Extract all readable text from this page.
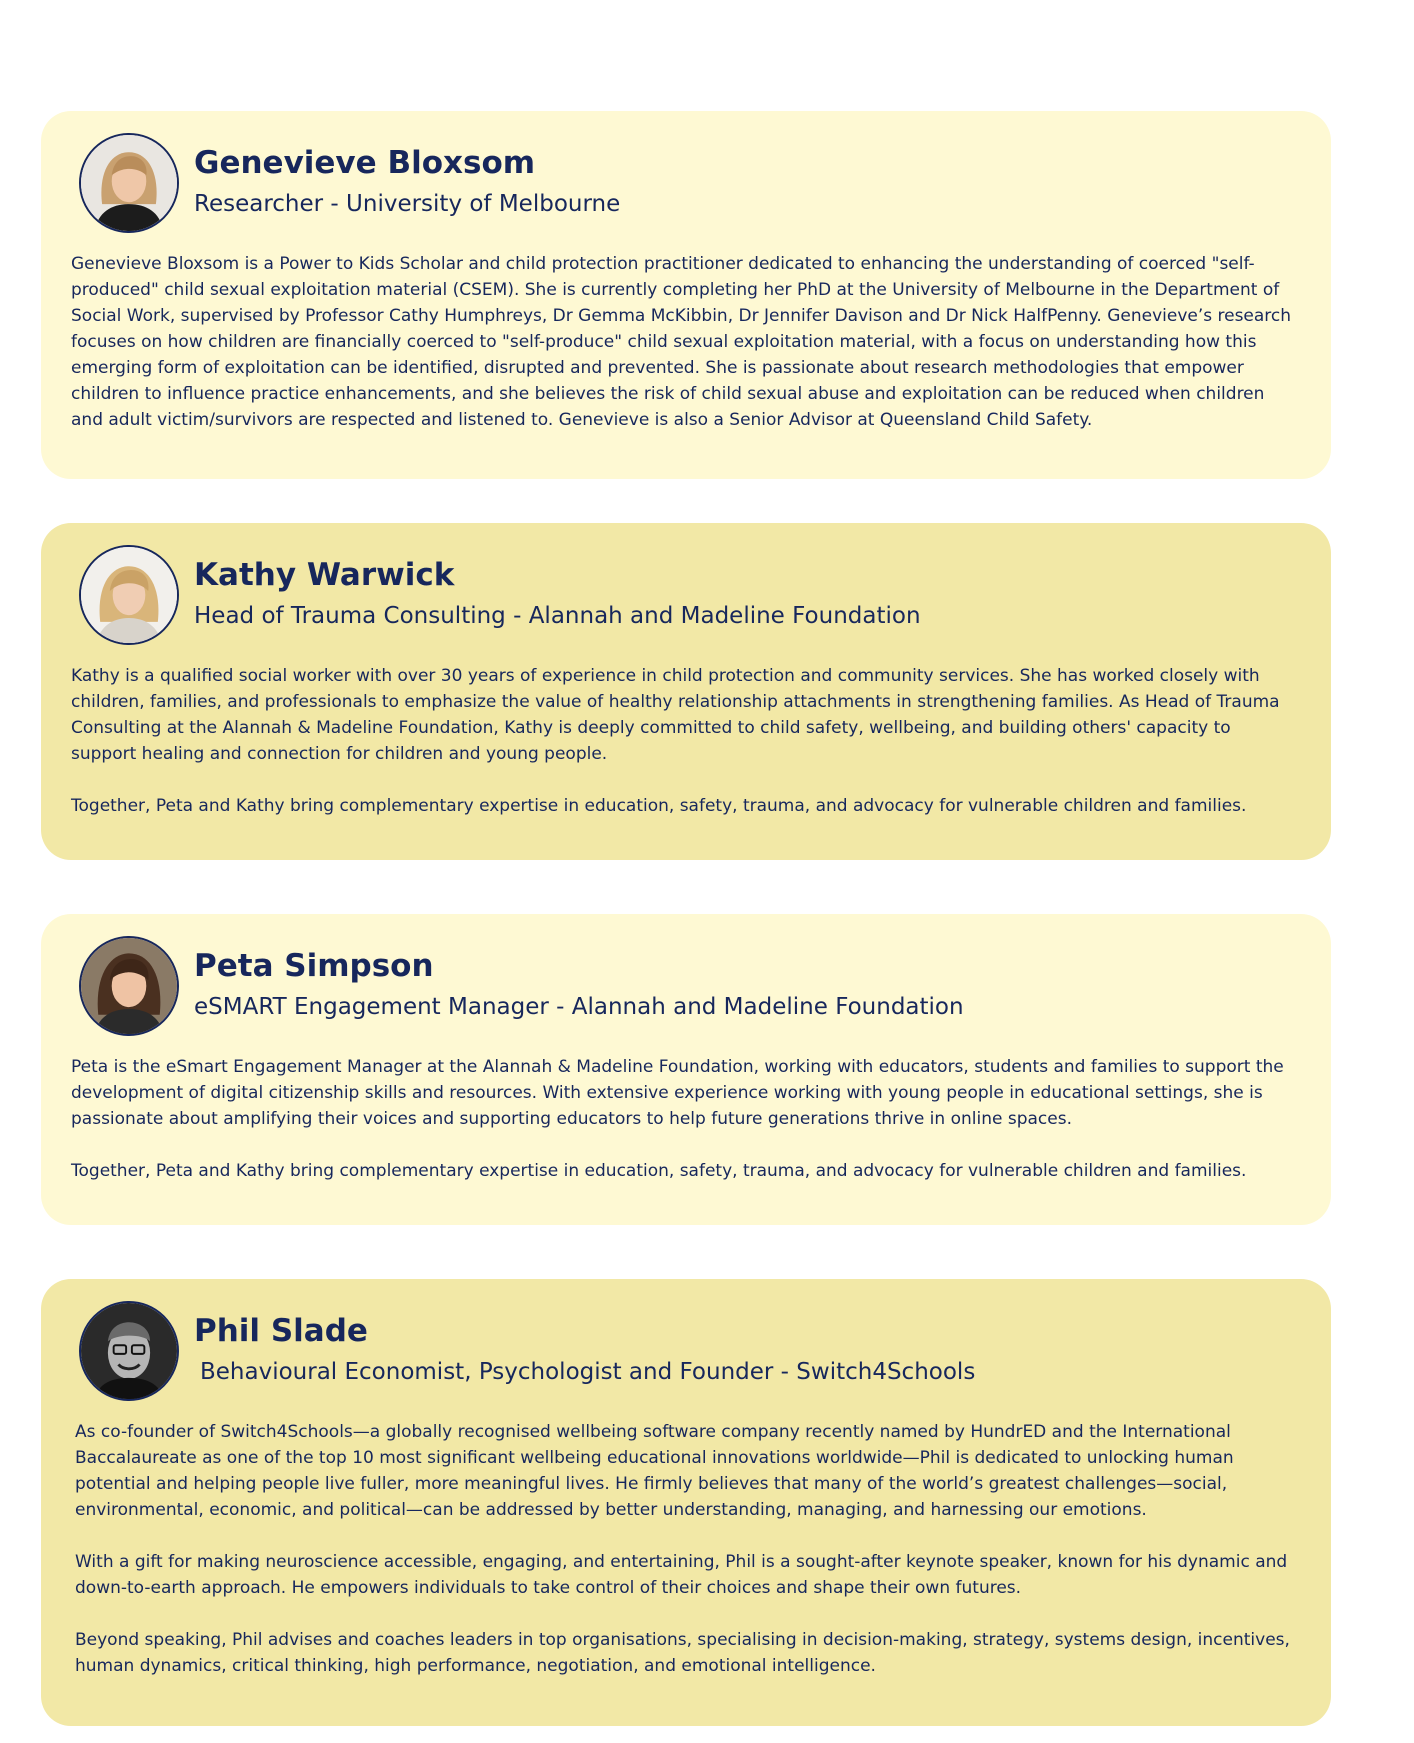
Genevieve Bloxsom
Researcher - University of Melbourne

Genevieve Bloxsom is a Power to Kids Scholar and child protection practitioner dedicated to enhancing the understanding of coerced "self-produced" child sexual exploitation material (CSEM). She is currently completing her PhD at the University of Melbourne in the Department of Social Work, supervised by Professor Cathy Humphreys, Dr Gemma McKibbin, Dr Jennifer Davison and Dr Nick HalfPenny. Genevieve’s research focuses on how children are financially coerced to "self-produce" child sexual exploitation material, with a focus on understanding how this emerging form of exploitation can be identified, disrupted and prevented. She is passionate about research methodologies that empower children to influence practice enhancements, and she believes the risk of child sexual abuse and exploitation can be reduced when children and adult victim/survivors are respected and listened to. Genevieve is also a Senior Advisor at Queensland Child Safety.

Kathy Warwick
Head of Trauma Consulting - Alannah and Madeline Foundation

Kathy is a qualified social worker with over 30 years of experience in child protection and community services. She has worked closely with children, families, and professionals to emphasize the value of healthy relationship attachments in strengthening families. As Head of Trauma Consulting at the Alannah & Madeline Foundation, Kathy is deeply committed to child safety, wellbeing, and building others' capacity to support healing and connection for children and young people.

Together, Peta and Kathy bring complementary expertise in education, safety, trauma, and advocacy for vulnerable children and families.

Peta Simpson
eSMART Engagement Manager - Alannah and Madeline Foundation

Peta is the eSmart Engagement Manager at the Alannah & Madeline Foundation, working with educators, students and families to support the development of digital citizenship skills and resources. With extensive experience working with young people in educational settings, she is passionate about amplifying their voices and supporting educators to help future generations thrive in online spaces.

Together, Peta and Kathy bring complementary expertise in education, safety, trauma, and advocacy for vulnerable children and families.

Phil Slade
Behavioural Economist, Psychologist and Founder - Switch4Schools

As co-founder of Switch4Schools—a globally recognised wellbeing software company recently named by HundrED and the International Baccalaureate as one of the top 10 most significant wellbeing educational innovations worldwide—Phil is dedicated to unlocking human potential and helping people live fuller, more meaningful lives. He firmly believes that many of the world’s greatest challenges—social, environmental, economic, and political—can be addressed by better understanding, managing, and harnessing our emotions.

With a gift for making neuroscience accessible, engaging, and entertaining, Phil is a sought-after keynote speaker, known for his dynamic and down-to-earth approach. He empowers individuals to take control of their choices and shape their own futures.

Beyond speaking, Phil advises and coaches leaders in top organisations, specialising in decision-making, strategy, systems design, incentives, human dynamics, critical thinking, high performance, negotiation, and emotional intelligence.
